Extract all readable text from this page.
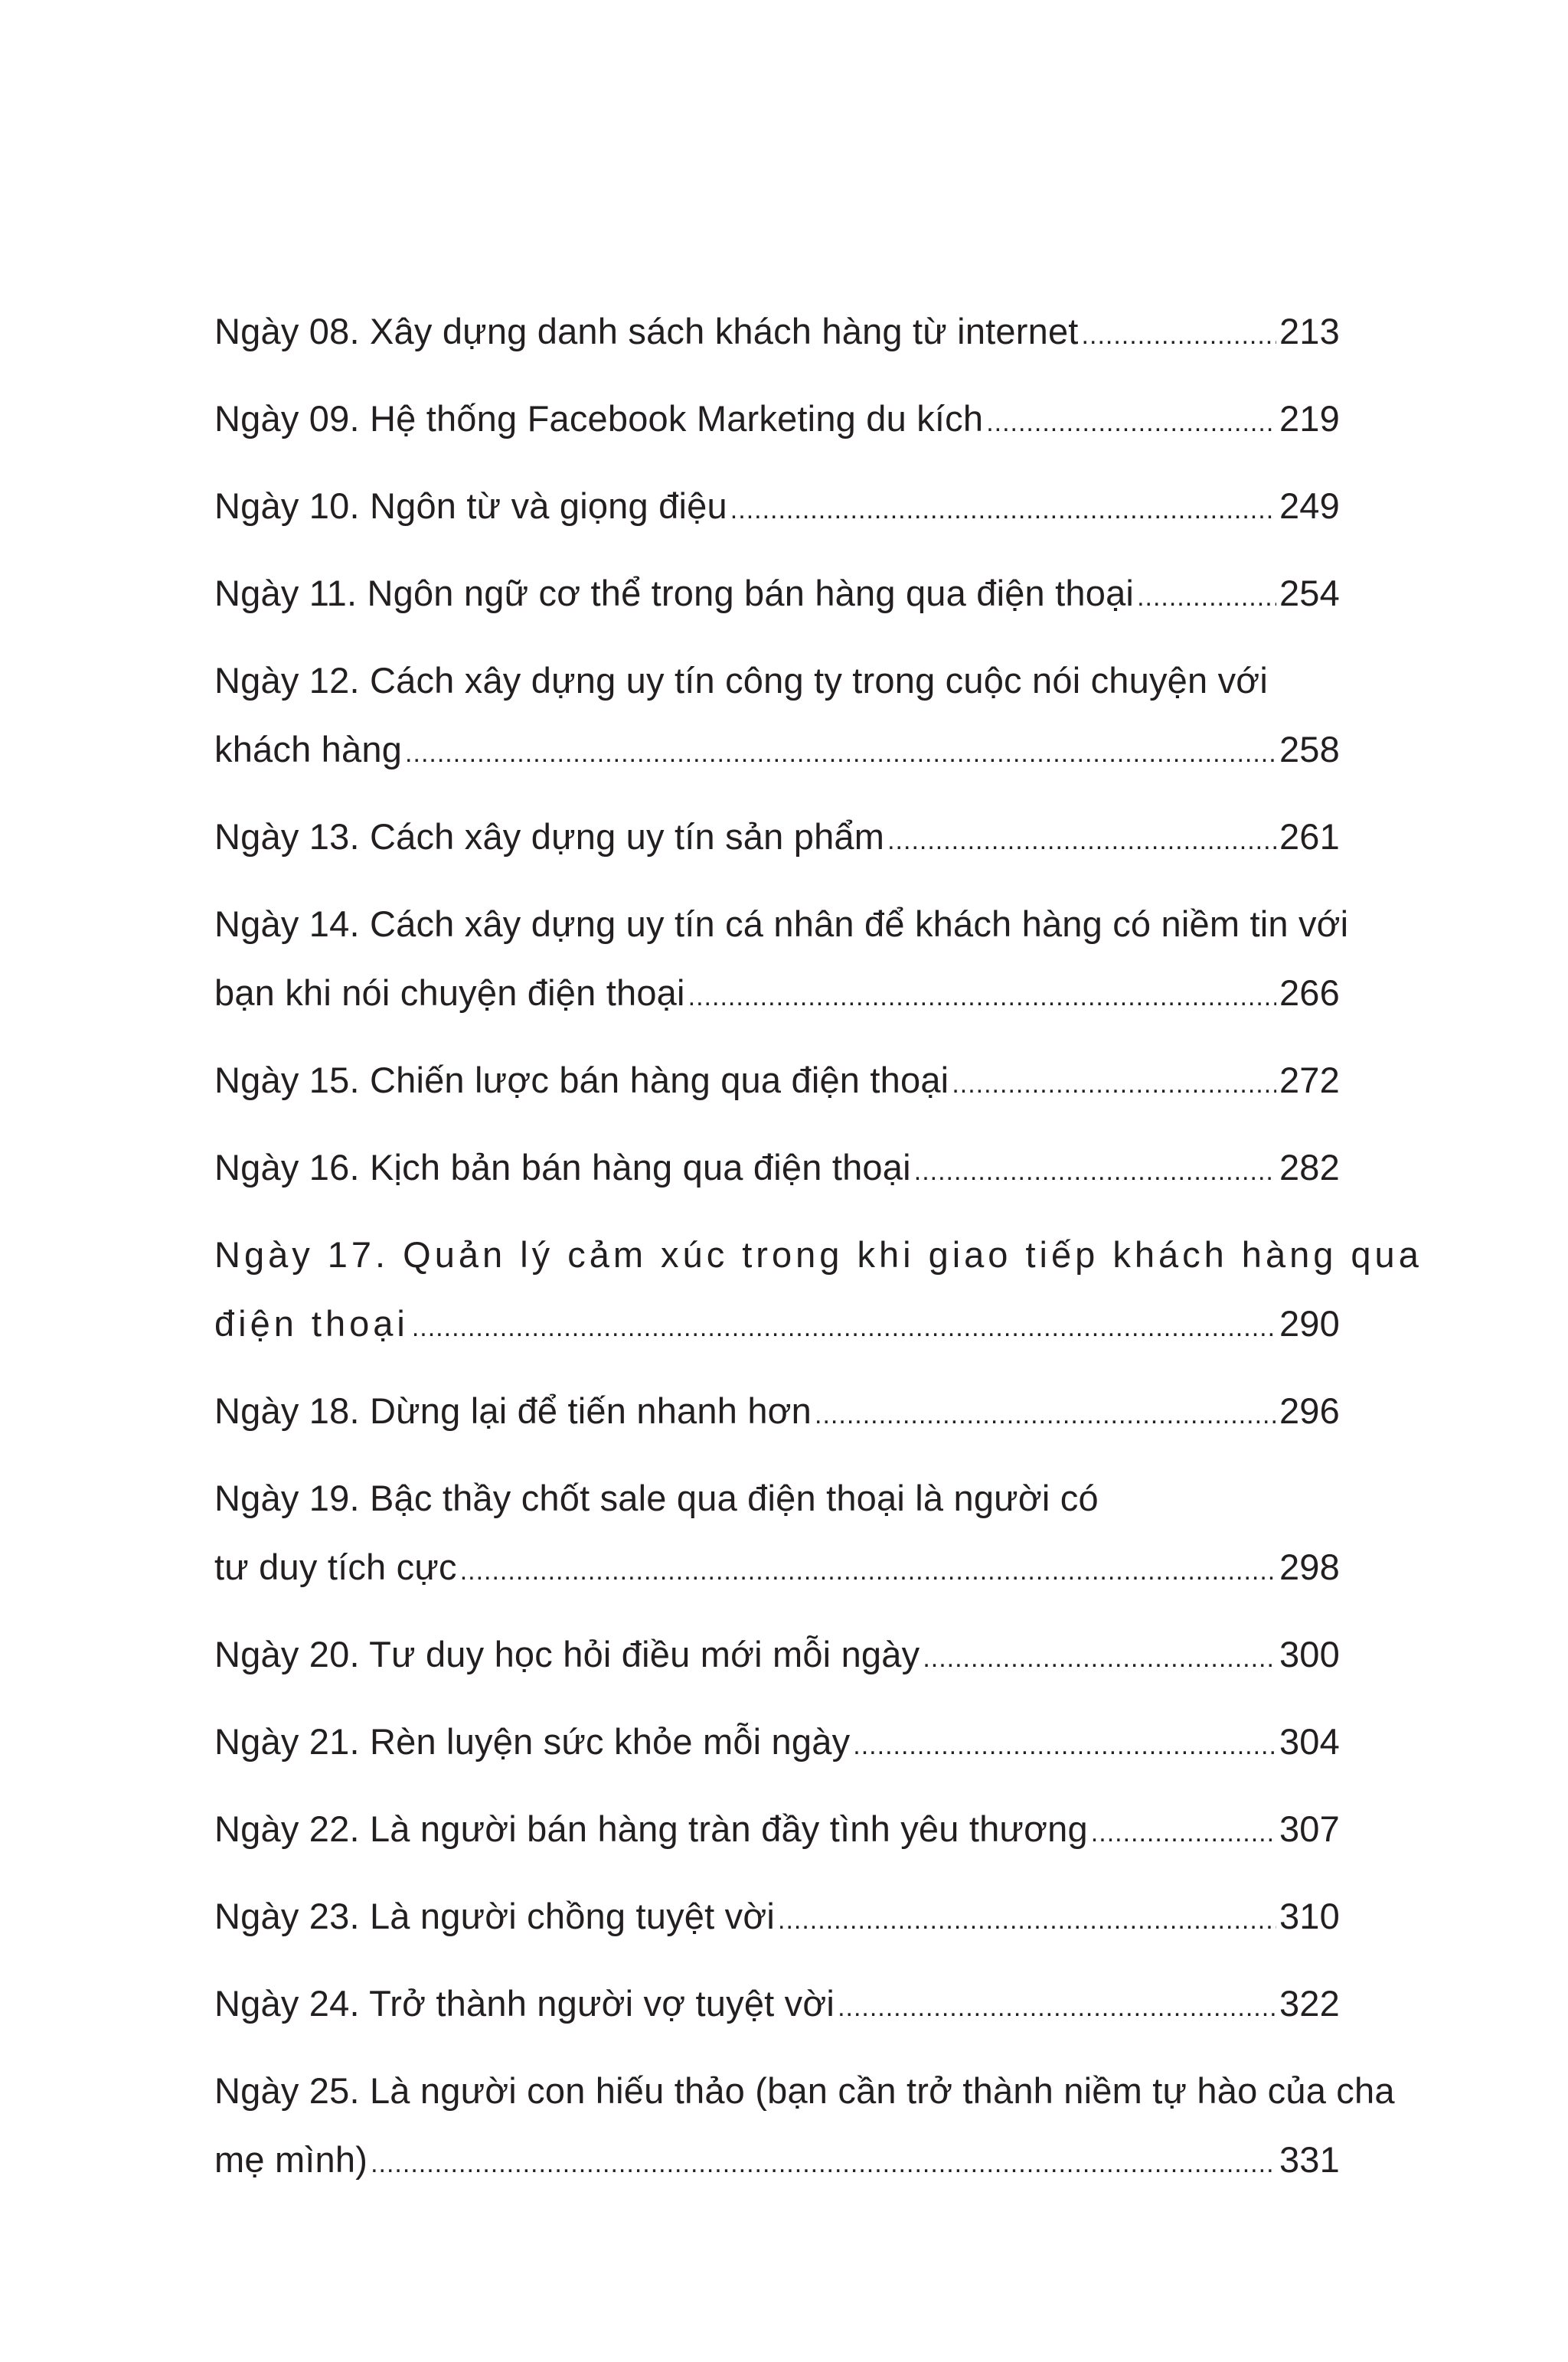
Ngày 08. Xây dựng danh sách khách hàng từ internet .....	213
Ngày 09. Hệ thống Facebook Marketing du kích .....	219
Ngày 10. Ngôn từ và giọng điệu .....	249
Ngày 11. Ngôn ngữ cơ thể trong bán hàng qua điện thoại .....	254
Ngày 12. Cách xây dựng uy tín công ty trong cuộc nói chuyện với
khách hàng .....	258
Ngày 13. Cách xây dựng uy tín sản phẩm .....	261
Ngày 14. Cách xây dựng uy tín cá nhân để khách hàng có niềm tin với
bạn khi nói chuyện điện thoại .....	266
Ngày 15. Chiến lược bán hàng qua điện thoại .....	272
Ngày 16. Kịch bản bán hàng qua điện thoại .....	282
Ngày 17. Quản lý cảm xúc trong khi giao tiếp khách hàng qua
điện thoại .....	290
Ngày 18. Dừng lại để tiến nhanh hơn .....	296
Ngày 19. Bậc thầy chốt sale qua điện thoại là người có
tư duy tích cực .....	298
Ngày 20. Tư duy học hỏi điều mới mỗi ngày .....	300
Ngày 21. Rèn luyện sức khỏe mỗi ngày .....	304
Ngày 22. Là người bán hàng tràn đầy tình yêu thương .....	307
Ngày 23. Là người chồng tuyệt vời .....	310
Ngày 24. Trở thành người vợ tuyệt vời .....	322
Ngày 25. Là người con hiếu thảo (bạn cần trở thành niềm tự hào của cha
mẹ mình) .....	331
